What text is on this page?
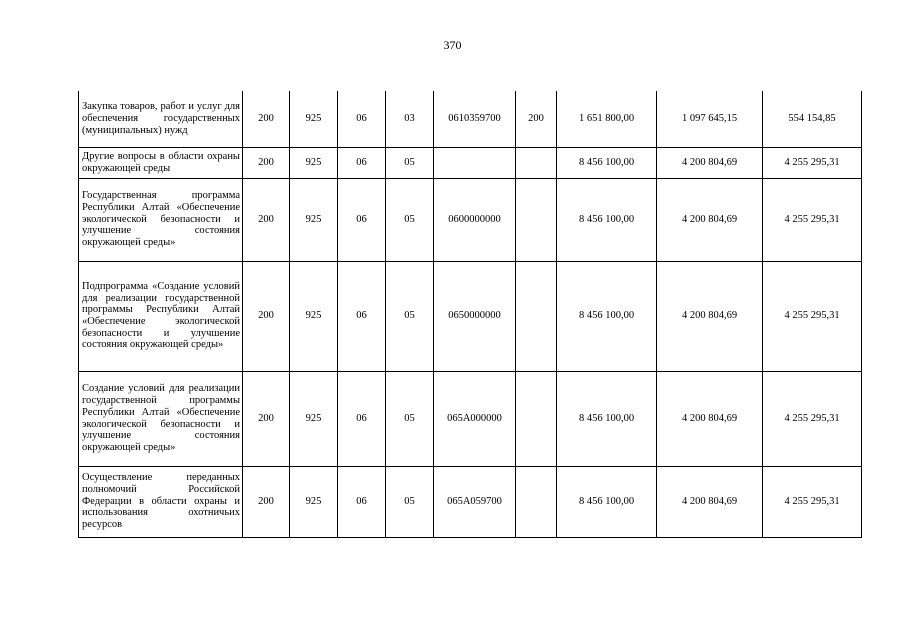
370
Закупка товаров, работ и услуг для обеспечения государственных (муниципальных) нужд	200	925	06	03	0610359700	200	1 651 800,00	1 097 645,15	554 154,85

Другие вопросы в области охраны окружающей среды	200	925	06	05			8 456 100,00	4 200 804,69	4 255 295,31

Государственная программа Республики Алтай «Обеспечение экологической безопасности и улучшение состояния окружающей среды»	200	925	06	05	0600000000		8 456 100,00	4 200 804,69	4 255 295,31

Подпрограмма «Создание условий для реализации государственной программы Республики Алтай «Обеспечение экологической безопасности и улучшение состояния окружающей среды»	200	925	06	05	0650000000		8 456 100,00	4 200 804,69	4 255 295,31

Создание условий для реализации государственной программы Республики Алтай «Обеспечение экологической безопасности и улучшение состояния окружающей среды»	200	925	06	05	065А000000		8 456 100,00	4 200 804,69	4 255 295,31

Осуществление переданных полномочий Российской Федерации в области охраны и использования охотничьих ресурсов	200	925	06	05	065А059700		8 456 100,00	4 200 804,69	4 255 295,31
